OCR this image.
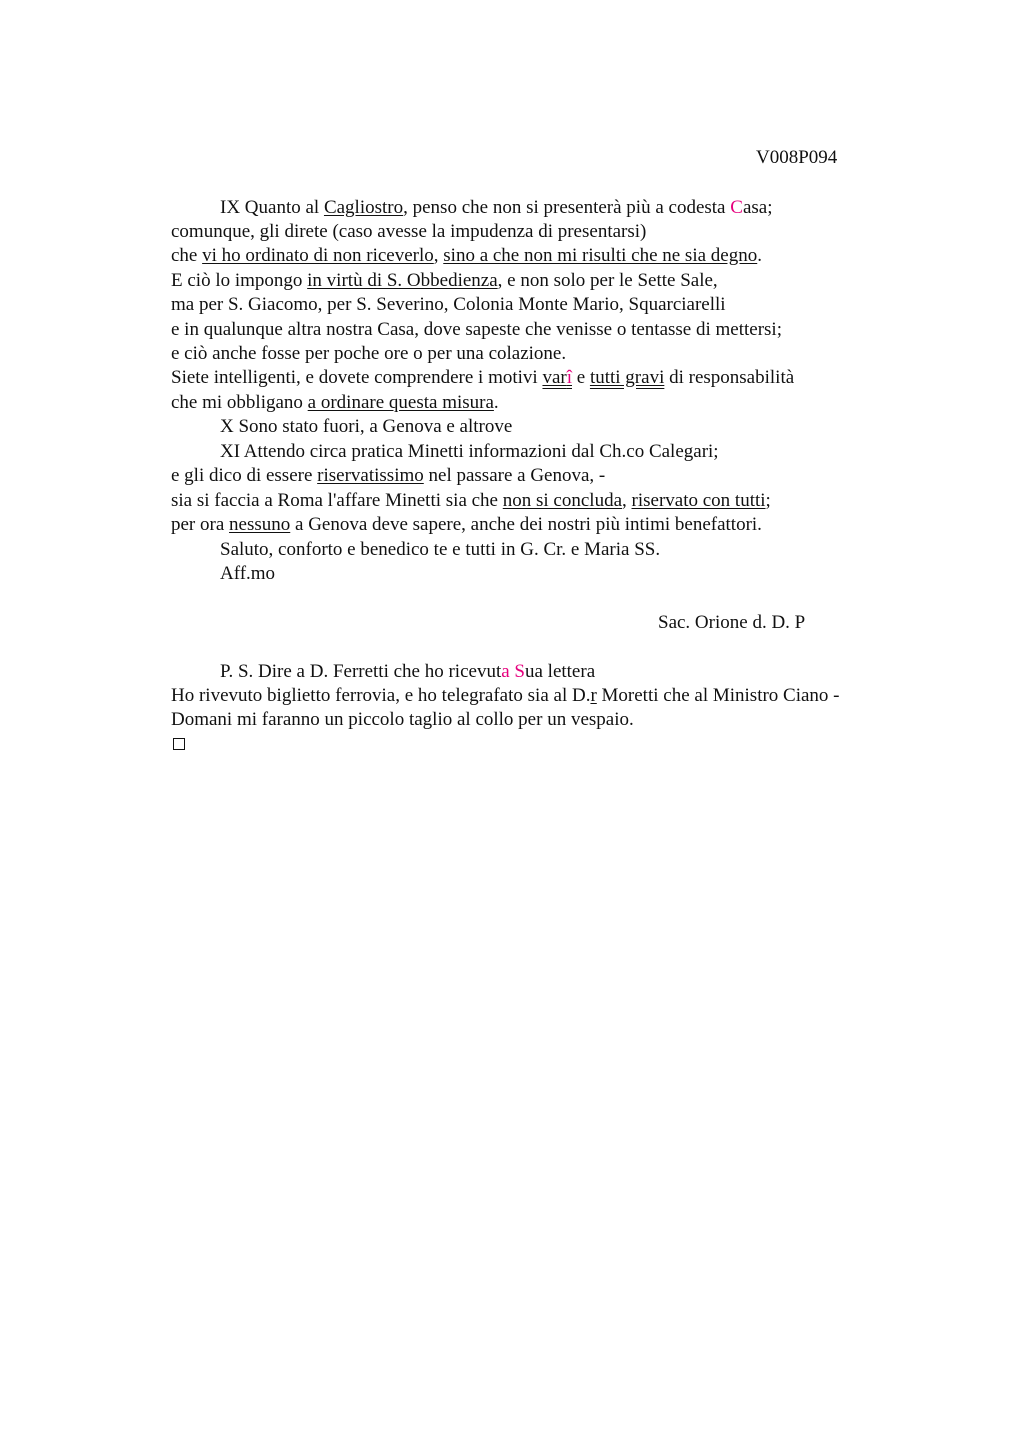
V008P094
IX Quanto al Cagliostro, penso che non si presenterà più a codesta Casa;
comunque, gli direte (caso avesse la impudenza di presentarsi)
che vi ho ordinato di non riceverlo, sino a che non mi risulti che ne sia degno.
E ciò lo impongo in virtù di S. Obbedienza, e non solo per le Sette Sale,
ma per S. Giacomo, per S. Severino, Colonia Monte Mario, Squarciarelli
e in qualunque altra nostra Casa, dove sapeste che venisse o tentasse di mettersi;
e ciò anche fosse per poche ore o per una colazione.
Siete intelligenti, e dovete comprendere i motivi varî e tutti gravi di responsabilità
che mi obbligano a ordinare questa misura.
X Sono stato fuori, a Genova e altrove
XI Attendo circa pratica Minetti informazioni dal Ch.co Calegari;
e gli dico di essere riservatissimo nel passare a Genova, -
sia si faccia a Roma l'affare Minetti sia che non si concluda, riservato con tutti;
per ora nessuno a Genova deve sapere, anche dei nostri più intimi benefattori.
Saluto, conforto e benedico te e tutti in G. Cr. e Maria SS.
Aff.mo
Sac. Orione d. D. P
P. S. Dire a D. Ferretti che ho ricevuta Sua lettera
Ho rivevuto biglietto ferrovia, e ho telegrafato sia al D.r Moretti che al Ministro Ciano -
Domani mi faranno un piccolo taglio al collo per un vespaio.
